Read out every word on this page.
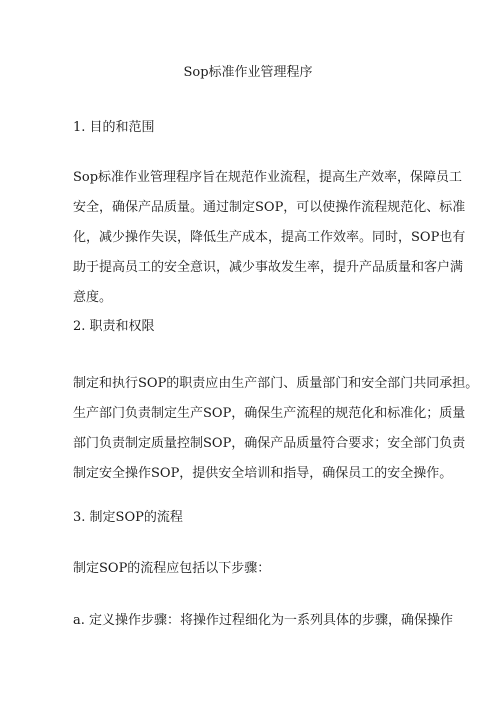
Sop标准作业管理程序
1. 目的和范围
Sop标准作业管理程序旨在规范作业流程，提高生产效率，保障员工
安全，确保产品质量。通过制定SOP，可以使操作流程规范化、标准
化，减少操作失误，降低生产成本，提高工作效率。同时，SOP也有
助于提高员工的安全意识，减少事故发生率，提升产品质量和客户满
意度。
2. 职责和权限
制定和执行SOP的职责应由生产部门、质量部门和安全部门共同承担。
生产部门负责制定生产SOP，确保生产流程的规范化和标准化；质量
部门负责制定质量控制SOP，确保产品质量符合要求；安全部门负责
制定安全操作SOP，提供安全培训和指导，确保员工的安全操作。
3. 制定SOP的流程
制定SOP的流程应包括以下步骤：
a. 定义操作步骤：将操作过程细化为一系列具体的步骤，确保操作
